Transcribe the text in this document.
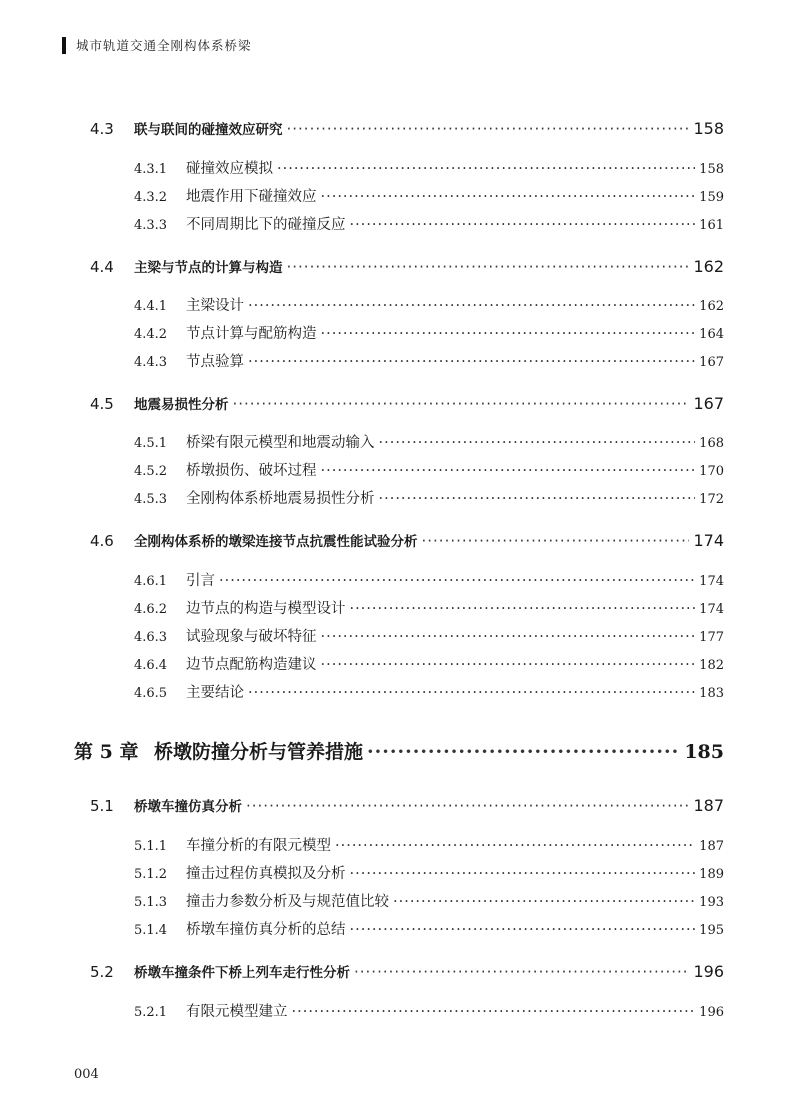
城市轨道交通全刚构体系桥梁
4.3	联与联间的碰撞效应研究 ·····	158
4.3.1	碰撞效应模拟 ·····	158
4.3.2	地震作用下碰撞效应 ·····	159
4.3.3	不同周期比下的碰撞反应 ·····	161
4.4	主梁与节点的计算与构造 ·····	162
4.4.1	主梁设计 ·····	162
4.4.2	节点计算与配筋构造 ·····	164
4.4.3	节点验算 ·····	167
4.5	地震易损性分析 ·····	167
4.5.1	桥梁有限元模型和地震动输入 ·····	168
4.5.2	桥墩损伤、破坏过程 ·····	170
4.5.3	全刚构体系桥地震易损性分析 ·····	172
4.6	全刚构体系桥的墩梁连接节点抗震性能试验分析 ·····	174
4.6.1	引言 ·····	174
4.6.2	边节点的构造与模型设计 ·····	174
4.6.3	试验现象与破坏特征 ·····	177
4.6.4	边节点配筋构造建议 ·····	182
4.6.5	主要结论 ·····	183
第 5 章 桥墩防撞分析与管养措施 ·····	185
5.1	桥墩车撞仿真分析 ·····	187
5.1.1	车撞分析的有限元模型 ·····	187
5.1.2	撞击过程仿真模拟及分析 ·····	189
5.1.3	撞击力参数分析及与规范值比较 ·····	193
5.1.4	桥墩车撞仿真分析的总结 ·····	195
5.2	桥墩车撞条件下桥上列车走行性分析 ·····	196
5.2.1	有限元模型建立 ·····	196
004
